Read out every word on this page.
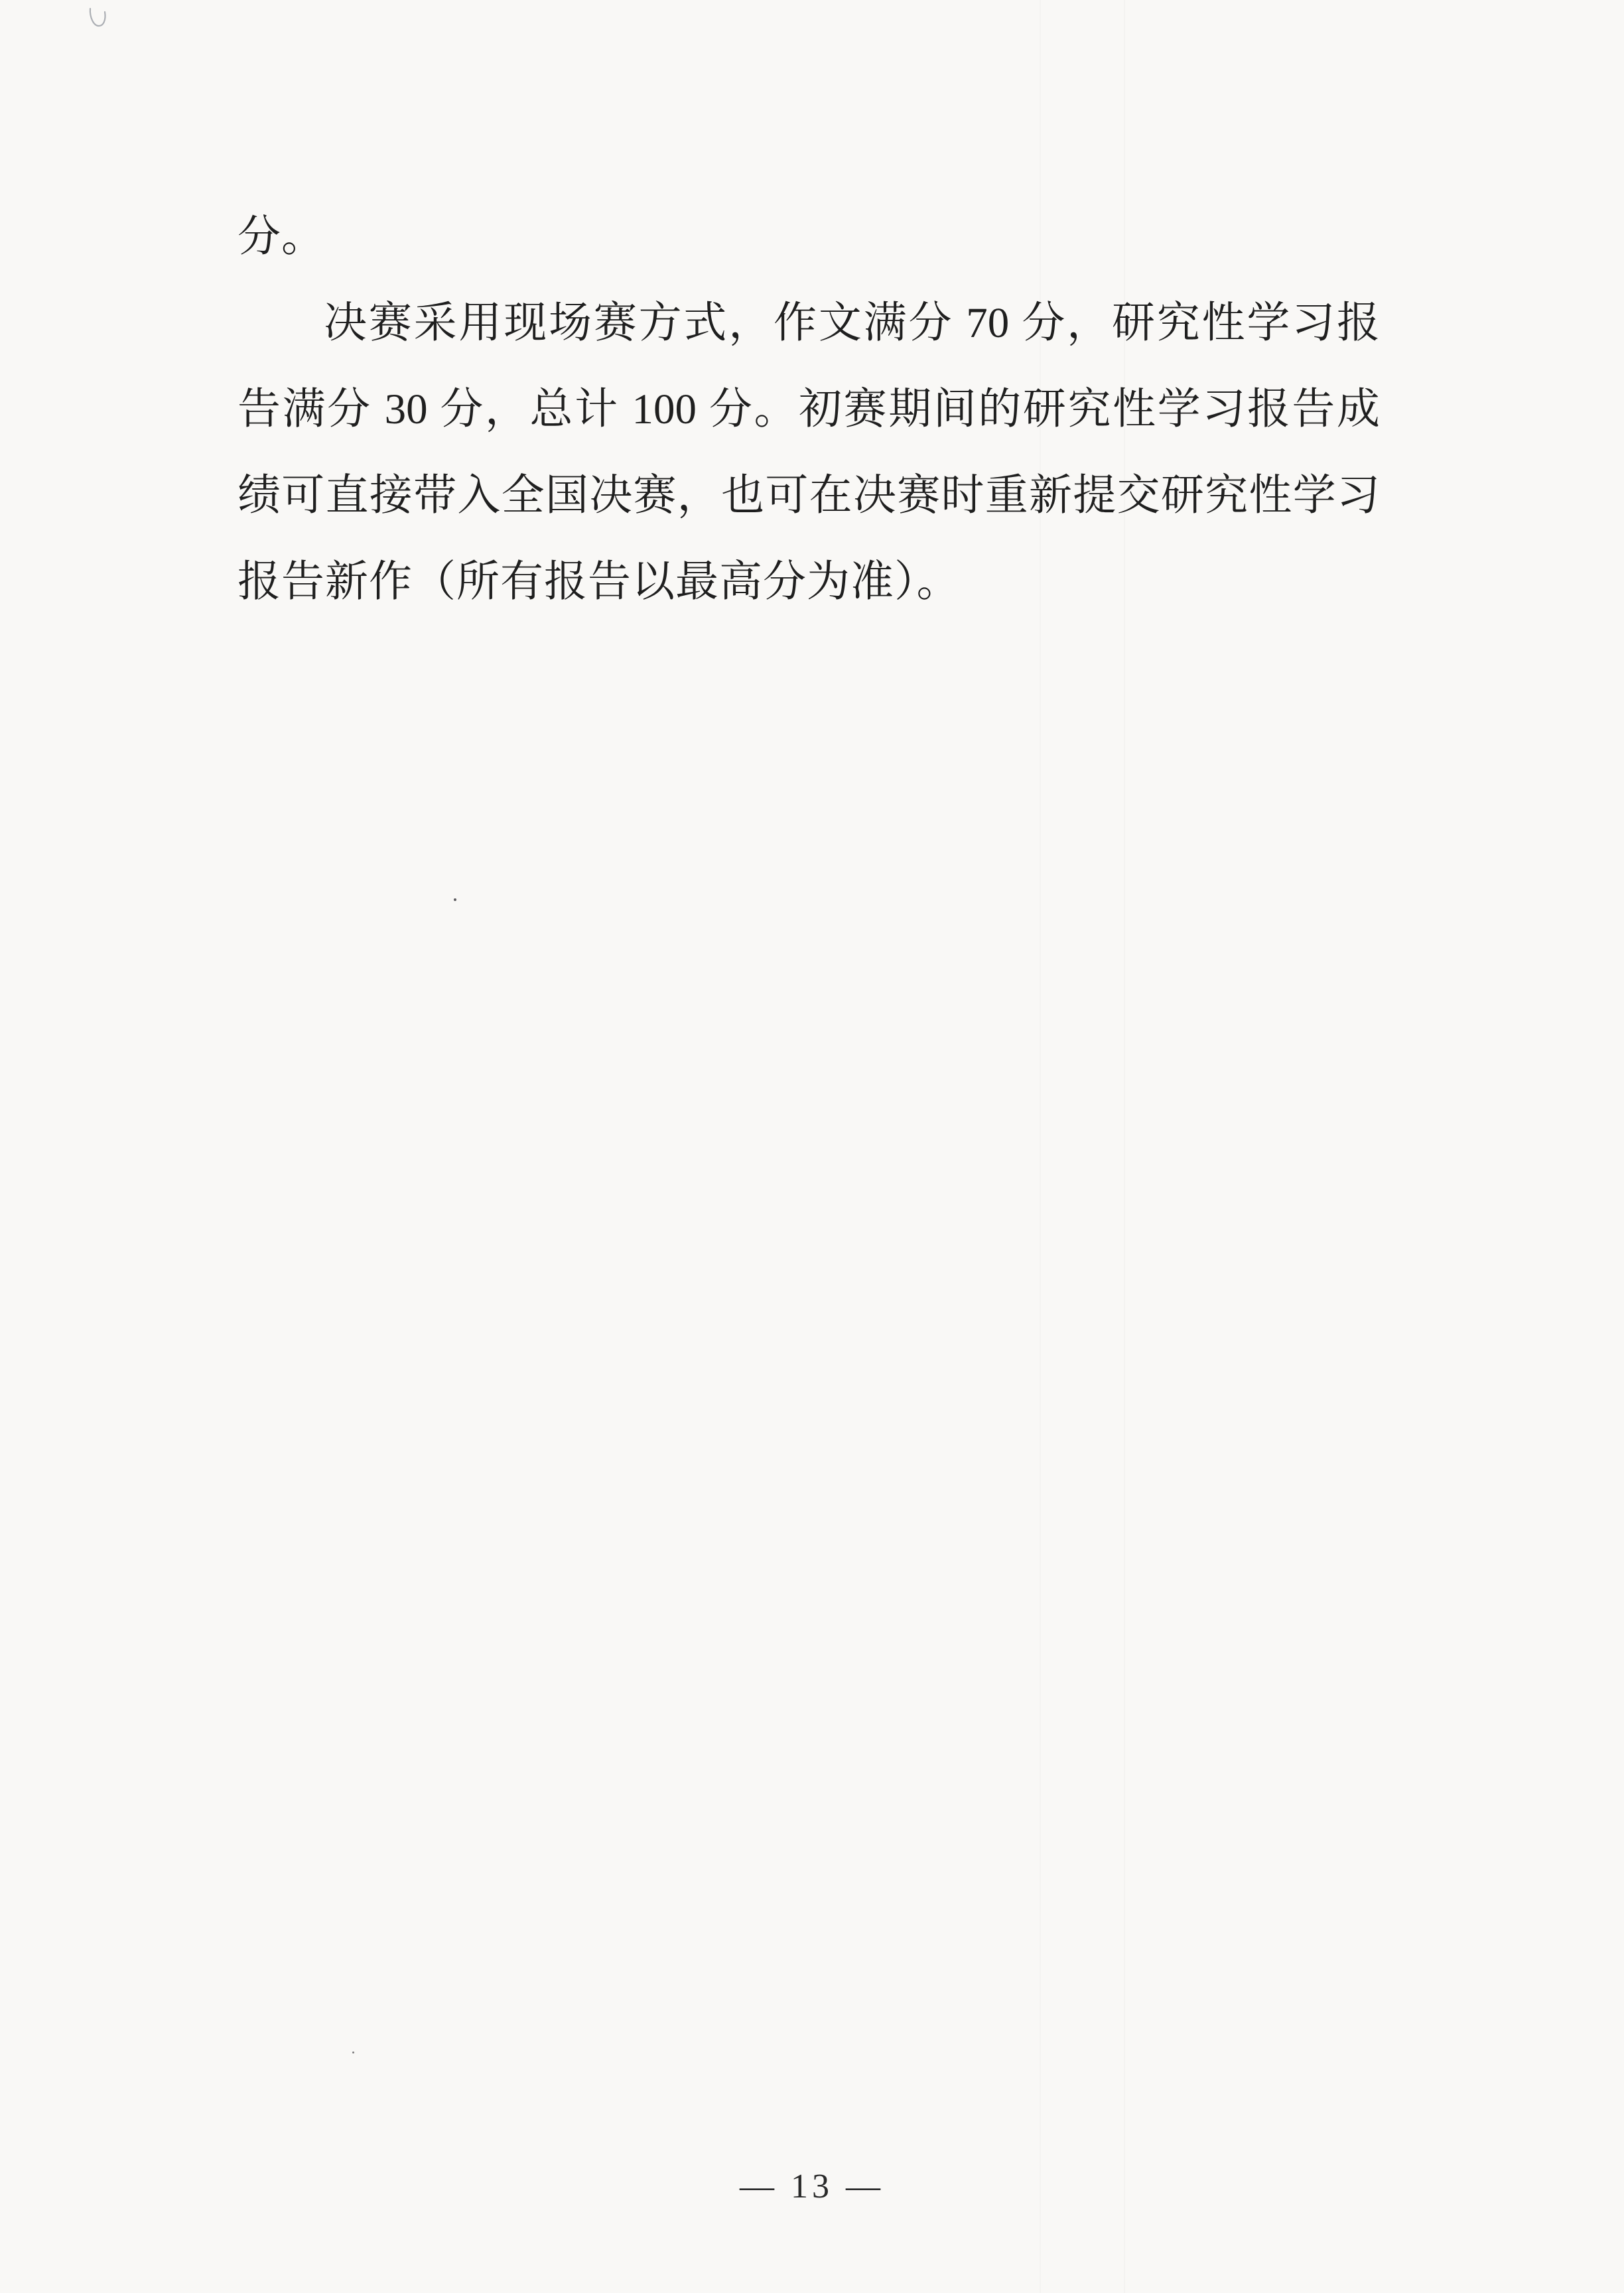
分。
决赛采用现场赛方式，作文满分 70 分，研究性学习报
告满分 30 分，总计 100 分。初赛期间的研究性学习报告成
绩可直接带入全国决赛，也可在决赛时重新提交研究性学习
报告新作（所有报告以最高分为准）。
— 13 —
